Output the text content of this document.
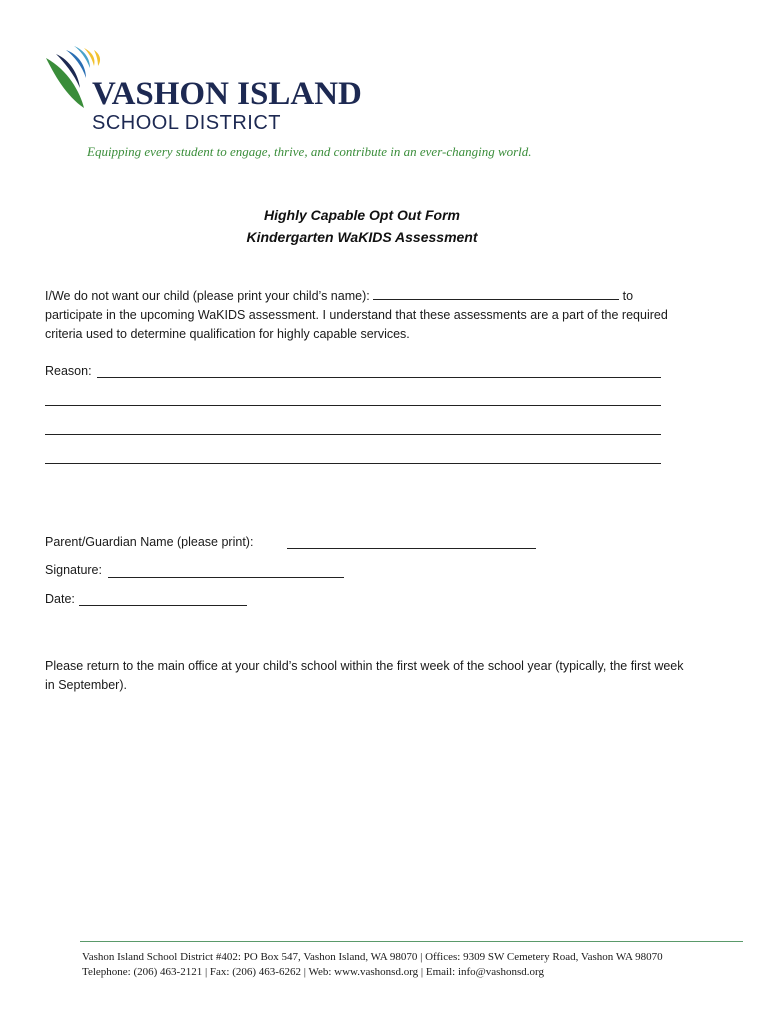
VASHON ISLAND
SCHOOL DISTRICT
Equipping every student to engage, thrive, and contribute in an ever-changing world.
Highly Capable Opt Out Form
Kindergarten WaKIDS Assessment
I/We do not want our child (please print your child’s name):	to participate in the upcoming WaKIDS assessment. I understand that these assessments are a part of the required criteria used to determine qualification for highly capable services.
Reason:
Parent/Guardian Name (please print):
Signature:
Date:
Please return to the main office at your child’s school within the first week of the school year (typically, the first week in September).
Vashon Island School District #402: PO Box 547, Vashon Island, WA 98070 | Offices: 9309 SW Cemetery Road, Vashon WA 98070
Telephone: (206) 463-2121 | Fax: (206) 463-6262 | Web: www.vashonsd.org | Email: info@vashonsd.org
